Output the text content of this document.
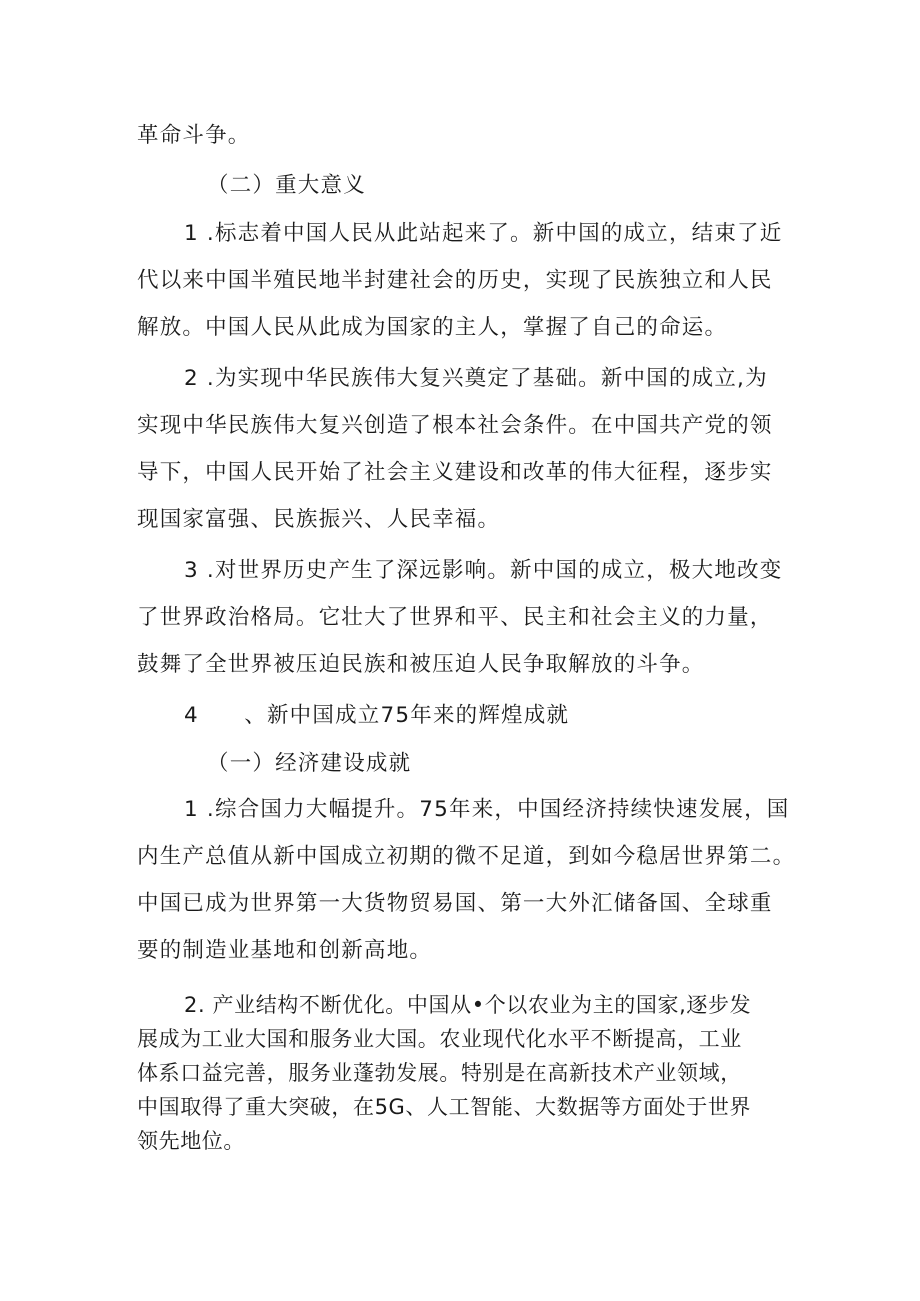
革命斗争。

（二）重大意义

1 .标志着中国人民从此站起来了。新中国的成立，结束了近
代以来中国半殖民地半封建社会的历史，实现了民族独立和人民
解放。中国人民从此成为国家的主人，掌握了自己的命运。

2 .为实现中华民族伟大复兴奠定了基础。新中国的成立,为
实现中华民族伟大复兴创造了根本社会条件。在中国共产党的领
导下，中国人民开始了社会主义建设和改革的伟大征程，逐步实
现国家富强、民族振兴、人民幸福。

3 .对世界历史产生了深远影响。新中国的成立，极大地改变
了世界政治格局。它壮大了世界和平、民主和社会主义的力量，
鼓舞了全世界被压迫民族和被压迫人民争取解放的斗争。

4　　、新中国成立75年来的辉煌成就

（一）经济建设成就

1 .综合国力大幅提升。75年来，中国经济持续快速发展，国
内生产总值从新中国成立初期的微不足道，到如今稳居世界第二。
中国已成为世界第一大货物贸易国、第一大外汇储备国、全球重
要的制造业基地和创新高地。

2. 产业结构不断优化。中国从•个以农业为主的国家,逐步发
展成为工业大国和服务业大国。农业现代化水平不断提高，工业
体系口益完善，服务业蓬勃发展。特别是在高新技术产业领域，
中国取得了重大突破，在5G、人工智能、大数据等方面处于世界
领先地位。
